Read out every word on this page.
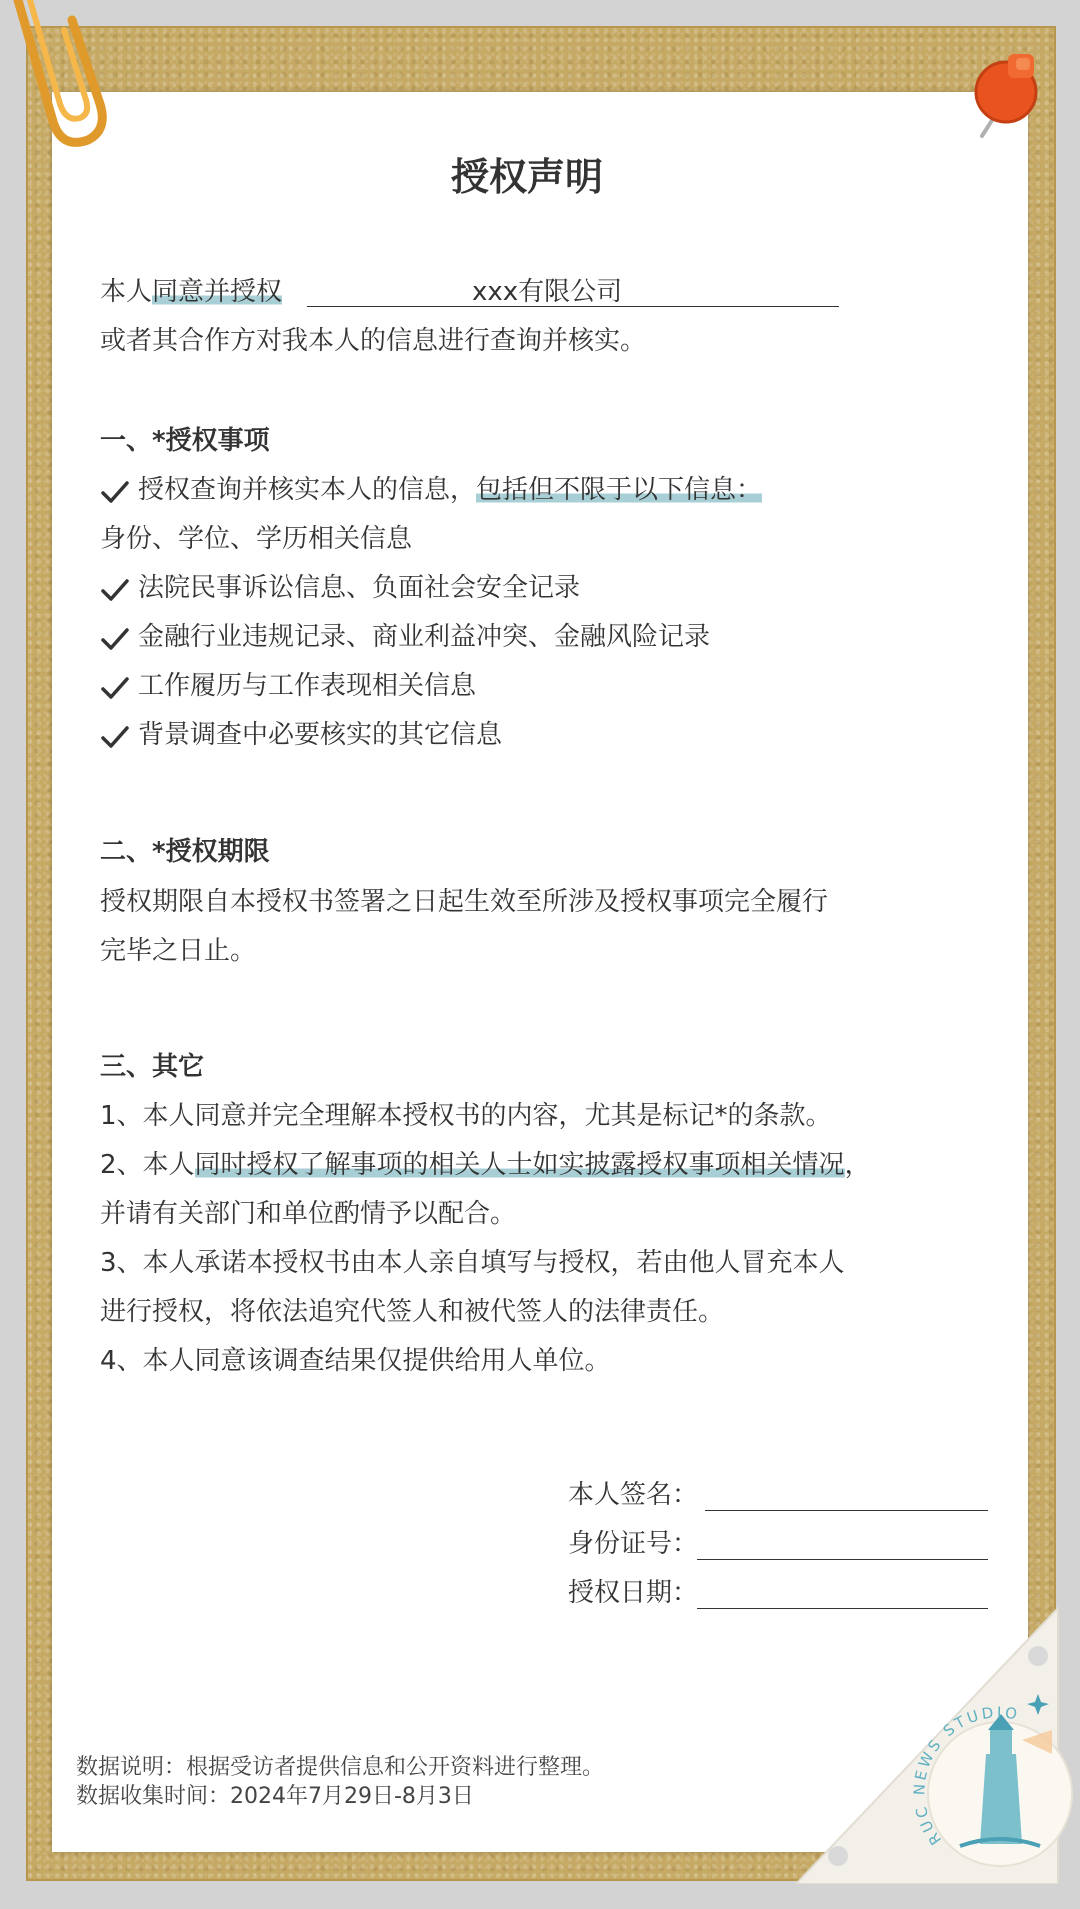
RUC NEWS STUDIO
授权声明
本人同意并授权	xxx有限公司
或者其合作方对我本人的信息进行查询并核实。
一、*授权事项
授权查询并核实本人的信息，包括但不限于以下信息：
身份、学位、学历相关信息
法院民事诉讼信息、负面社会安全记录
金融行业违规记录、商业利益冲突、金融风险记录
工作履历与工作表现相关信息
背景调查中必要核实的其它信息
二、*授权期限
授权期限自本授权书签署之日起生效至所涉及授权事项完全履行
完毕之日止。
三、其它
1、本人同意并完全理解本授权书的内容，尤其是标记*的条款。
2、本人同时授权了解事项的相关人士如实披露授权事项相关情况，
并请有关部门和单位酌情予以配合。
3、本人承诺本授权书由本人亲自填写与授权，若由他人冒充本人
进行授权，将依法追究代签人和被代签人的法律责任。
4、本人同意该调查结果仅提供给用人单位。
本人签名：
身份证号：
授权日期：
数据说明：根据受访者提供信息和公开资料进行整理。
数据收集时间：2024年7月29日-8月3日
